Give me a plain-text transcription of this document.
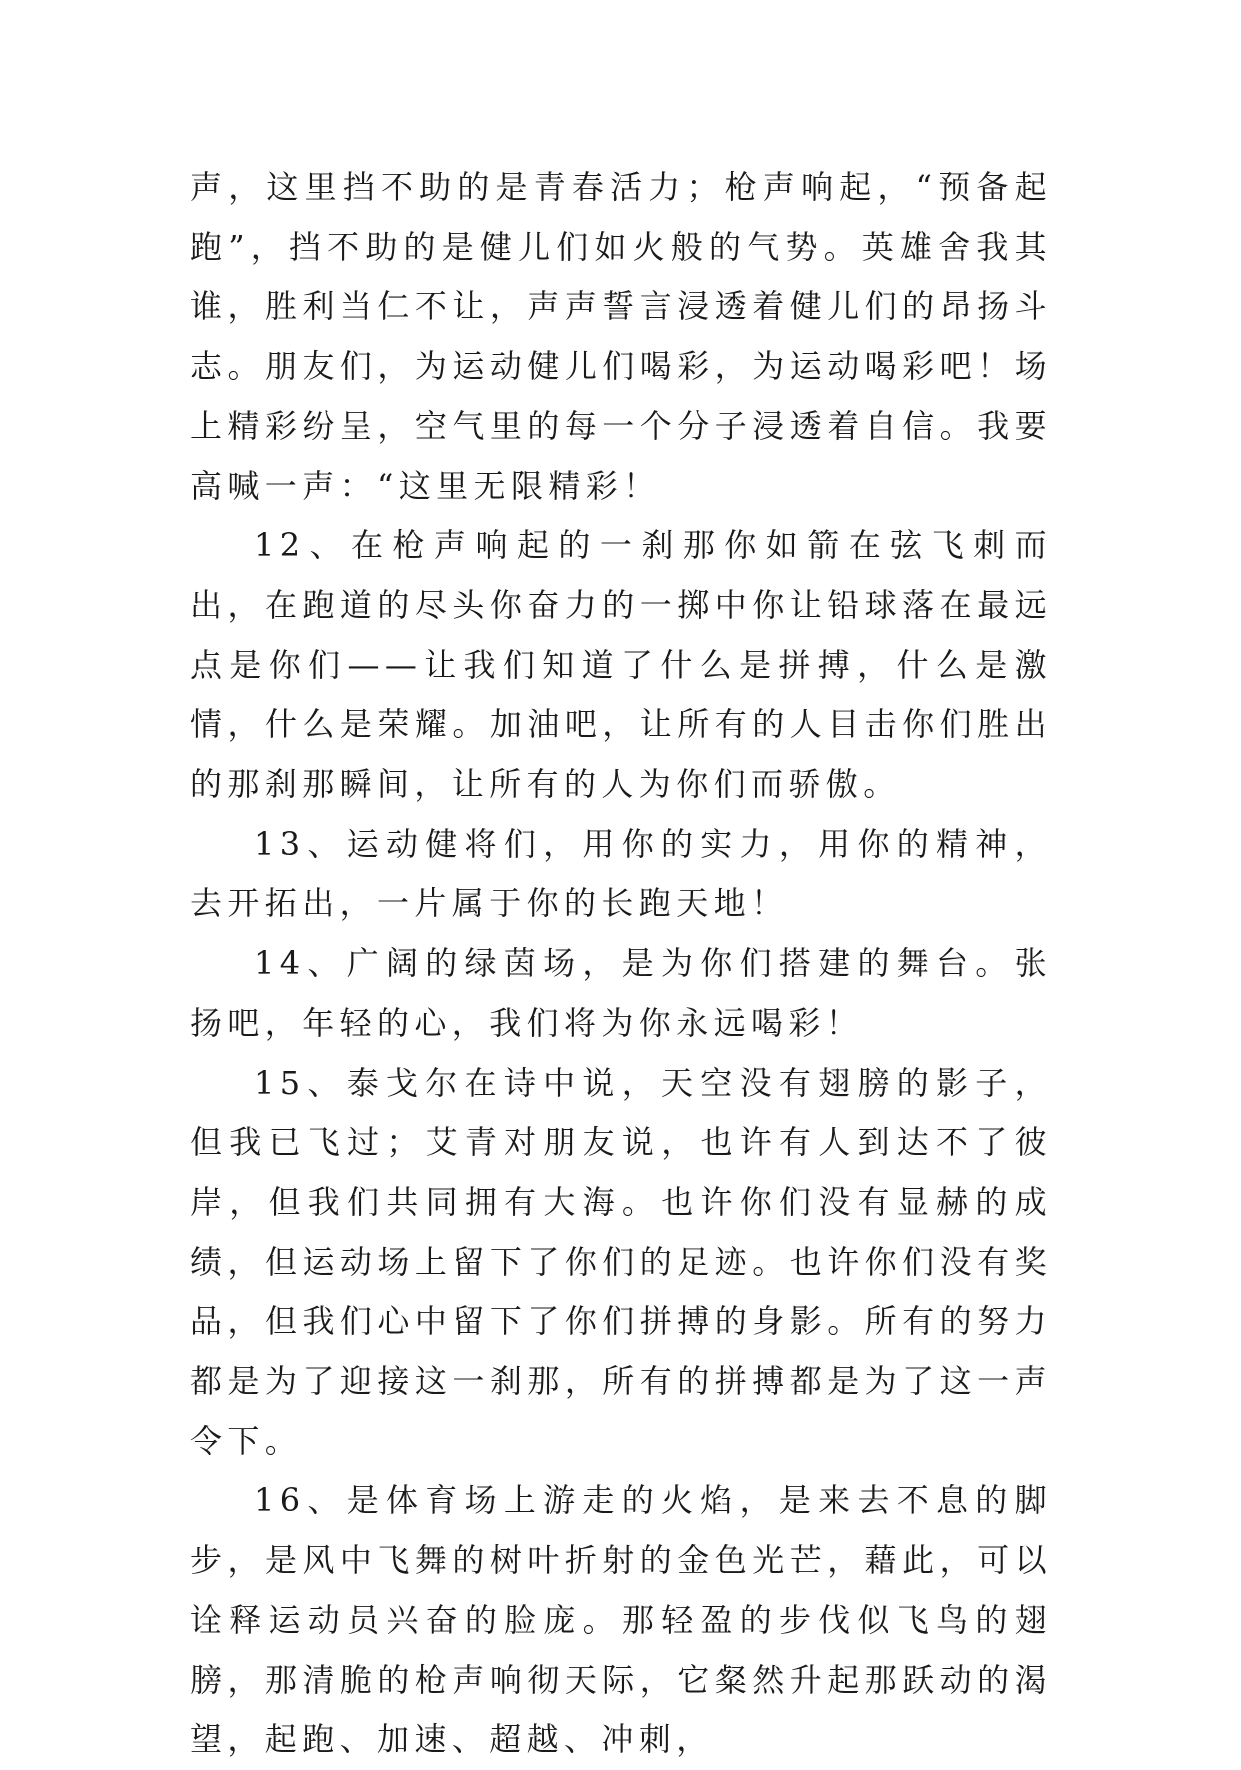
声，这里挡不助的是青春活力；枪声响起，“预备起跑”，挡不助的是健儿们如火般的气势。英雄舍我其谁，胜利当仁不让，声声誓言浸透着健儿们的昂扬斗志。朋友们，为运动健儿们喝彩，为运动喝彩吧！场上精彩纷呈，空气里的每一个分子浸透着自信。我要高喊一声：“这里无限精彩！

12、在枪声响起的一刹那你如箭在弦飞刺而出，在跑道的尽头你奋力的一掷中你让铅球落在最远点是你们——让我们知道了什么是拼搏，什么是激情，什么是荣耀。加油吧，让所有的人目击你们胜出的那刹那瞬间，让所有的人为你们而骄傲。

13、运动健将们，用你的实力，用你的精神，去开拓出，一片属于你的长跑天地！

14、广阔的绿茵场，是为你们搭建的舞台。张扬吧，年轻的心，我们将为你永远喝彩！

15、泰戈尔在诗中说，天空没有翅膀的影子，但我已飞过；艾青对朋友说，也许有人到达不了彼岸，但我们共同拥有大海。也许你们没有显赫的成绩，但运动场上留下了你们的足迹。也许你们没有奖品，但我们心中留下了你们拼搏的身影。所有的努力都是为了迎接这一刹那，所有的拼搏都是为了这一声令下。

16、是体育场上游走的火焰，是来去不息的脚步，是风中飞舞的树叶折射的金色光芒，藉此，可以诠释运动员兴奋的脸庞。那轻盈的步伐似飞鸟的翅膀，那清脆的枪声响彻天际，它粲然升起那跃动的渴望，起跑、加速、超越、冲刺，
